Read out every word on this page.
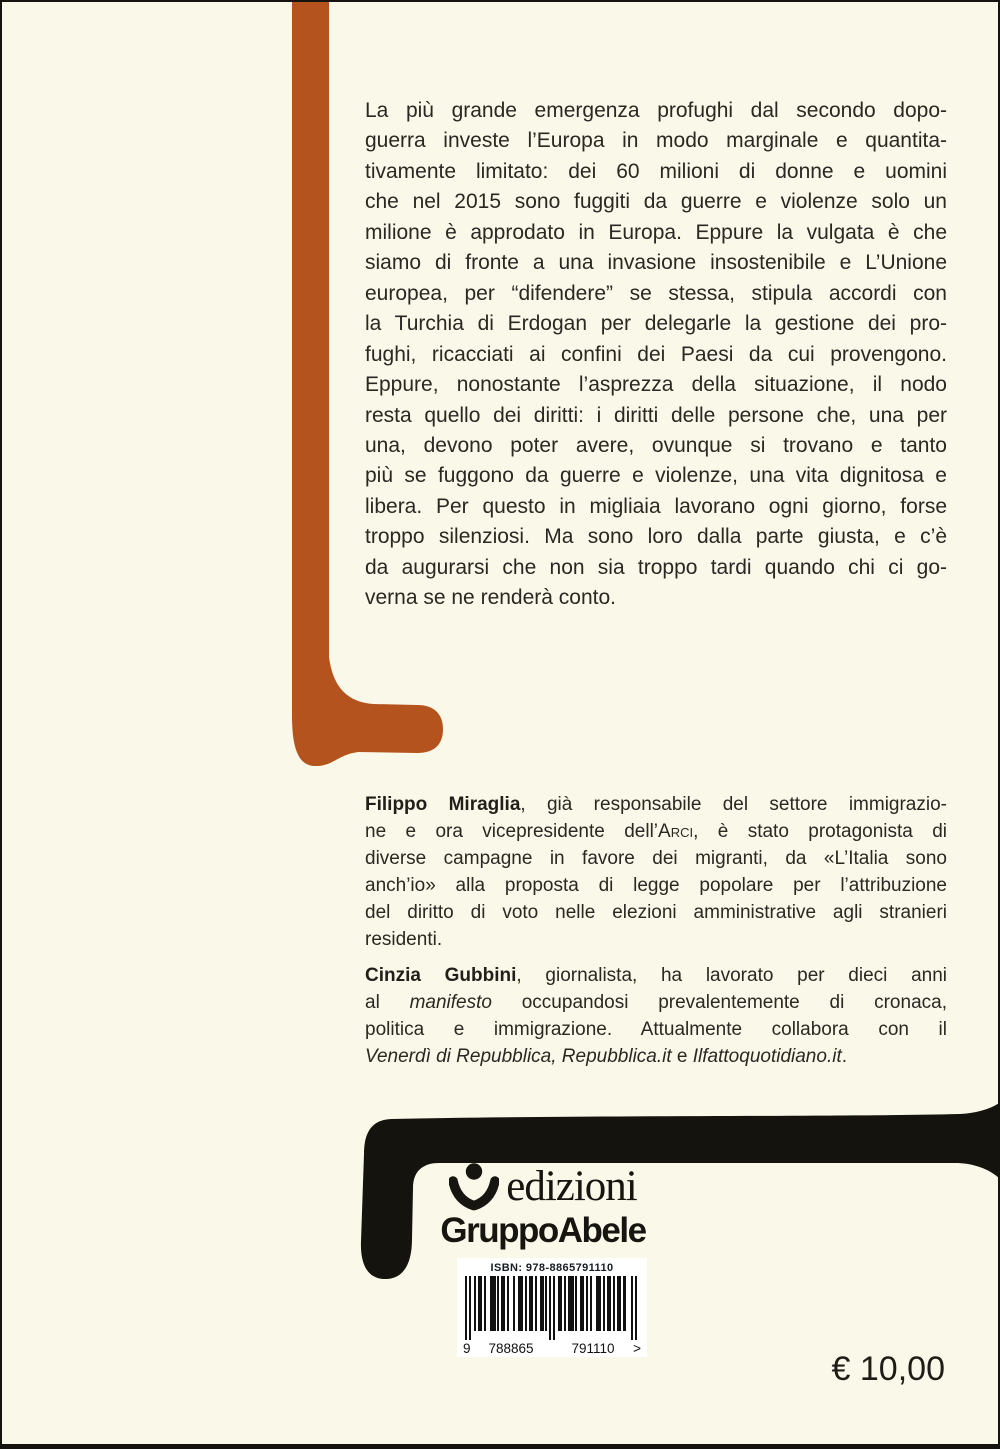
La più grande emergenza profughi dal secondo dopo-
guerra investe l’Europa in modo marginale e quantita-
tivamente limitato: dei 60 milioni di donne e uomini
che nel 2015 sono fuggiti da guerre e violenze solo un
milione è approdato in Europa. Eppure la vulgata è che
siamo di fronte a una invasione insostenibile e L’Unione
europea, per “difendere” se stessa, stipula accordi con
la Turchia di Erdogan per delegarle la gestione dei pro-
fughi, ricacciati ai confini dei Paesi da cui provengono.
Eppure, nonostante l’asprezza della situazione, il nodo
resta quello dei diritti: i diritti delle persone che, una per
una, devono poter avere, ovunque si trovano e tanto
più se fuggono da guerre e violenze, una vita dignitosa e
libera. Per questo in migliaia lavorano ogni giorno, forse
troppo silenziosi. Ma sono loro dalla parte giusta, e c’è
da augurarsi che non sia troppo tardi quando chi ci go-
verna se ne renderà conto.
Filippo Miraglia, già responsabile del settore immigrazio-
ne e ora vicepresidente dell’Arci, è stato protagonista di
diverse campagne in favore dei migranti, da «L’Italia sono
anch’io» alla proposta di legge popolare per l’attribuzione
del diritto di voto nelle elezioni amministrative agli stranieri
residenti.
Cinzia Gubbini, giornalista, ha lavorato per dieci anni
al manifesto occupandosi prevalentemente di cronaca,
politica e immigrazione. Attualmente collabora con il
Venerdì di Repubblica, Repubblica.it e Ilfattoquotidiano.it.
edizioni
GruppoAbele
ISBN: 978-8865791110
9 788865	791110 >
€ 10,00
